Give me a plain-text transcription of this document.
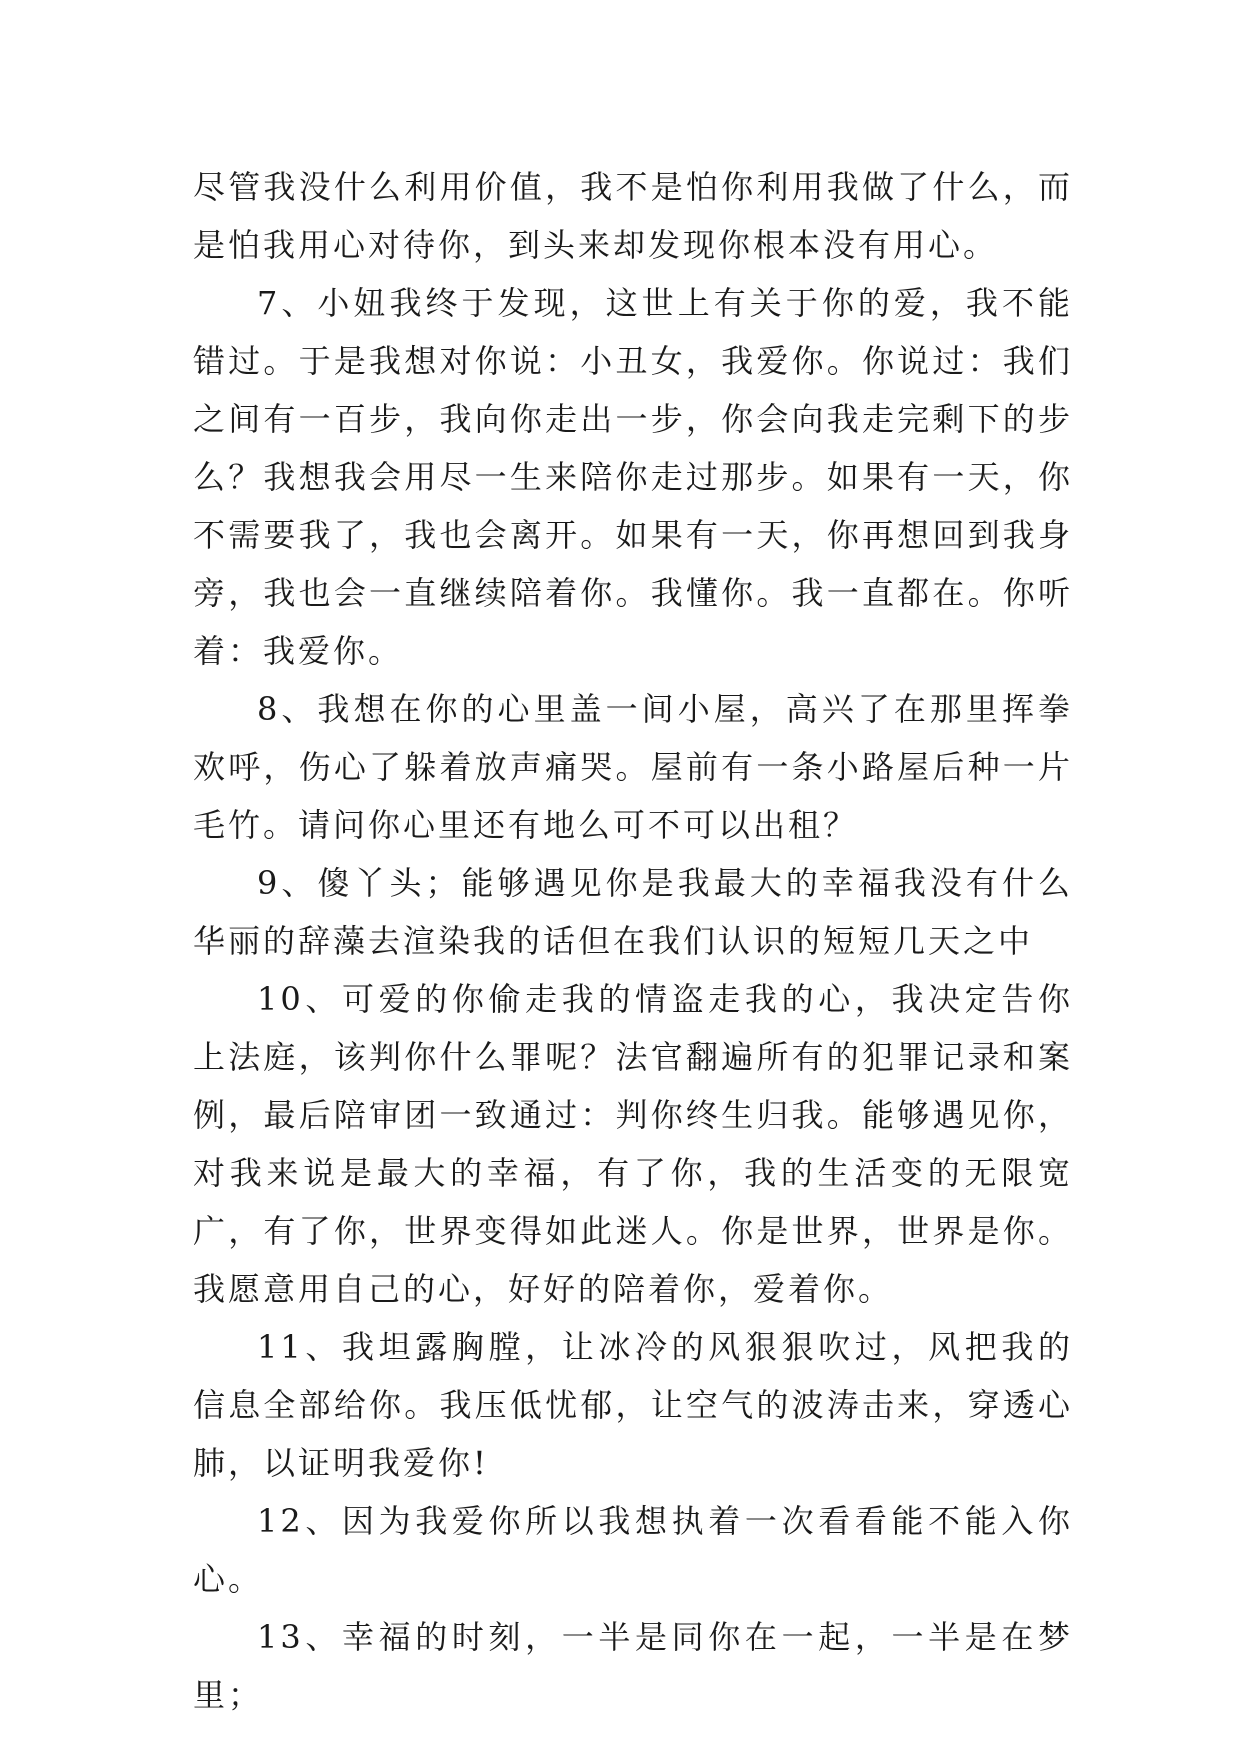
尽管我没什么利用价值，我不是怕你利用我做了什么，而是怕我用心对待你，到头来却发现你根本没有用心。

7、小妞我终于发现，这世上有关于你的爱，我不能错过。于是我想对你说：小丑女，我爱你。你说过：我们之间有一百步，我向你走出一步，你会向我走完剩下的步么？我想我会用尽一生来陪你走过那步。如果有一天，你不需要我了，我也会离开。如果有一天，你再想回到我身旁，我也会一直继续陪着你。我懂你。我一直都在。你听着：我爱你。

8、我想在你的心里盖一间小屋，高兴了在那里挥拳欢呼，伤心了躲着放声痛哭。屋前有一条小路屋后种一片毛竹。请问你心里还有地么可不可以出租？

9、傻丫头；能够遇见你是我最大的幸福我没有什么华丽的辞藻去渲染我的话但在我们认识的短短几天之中

10、可爱的你偷走我的情盗走我的心，我决定告你上法庭，该判你什么罪呢？法官翻遍所有的犯罪记录和案例，最后陪审团一致通过：判你终生归我。能够遇见你，对我来说是最大的幸福，有了你，我的生活变的无限宽广，有了你，世界变得如此迷人。你是世界，世界是你。我愿意用自己的心，好好的陪着你，爱着你。

11、我坦露胸膛，让冰冷的风狠狠吹过，风把我的信息全部给你。我压低忧郁，让空气的波涛击来，穿透心肺，以证明我爱你!

12、因为我爱你所以我想执着一次看看能不能入你心。

13、幸福的时刻，一半是同你在一起，一半是在梦里；
